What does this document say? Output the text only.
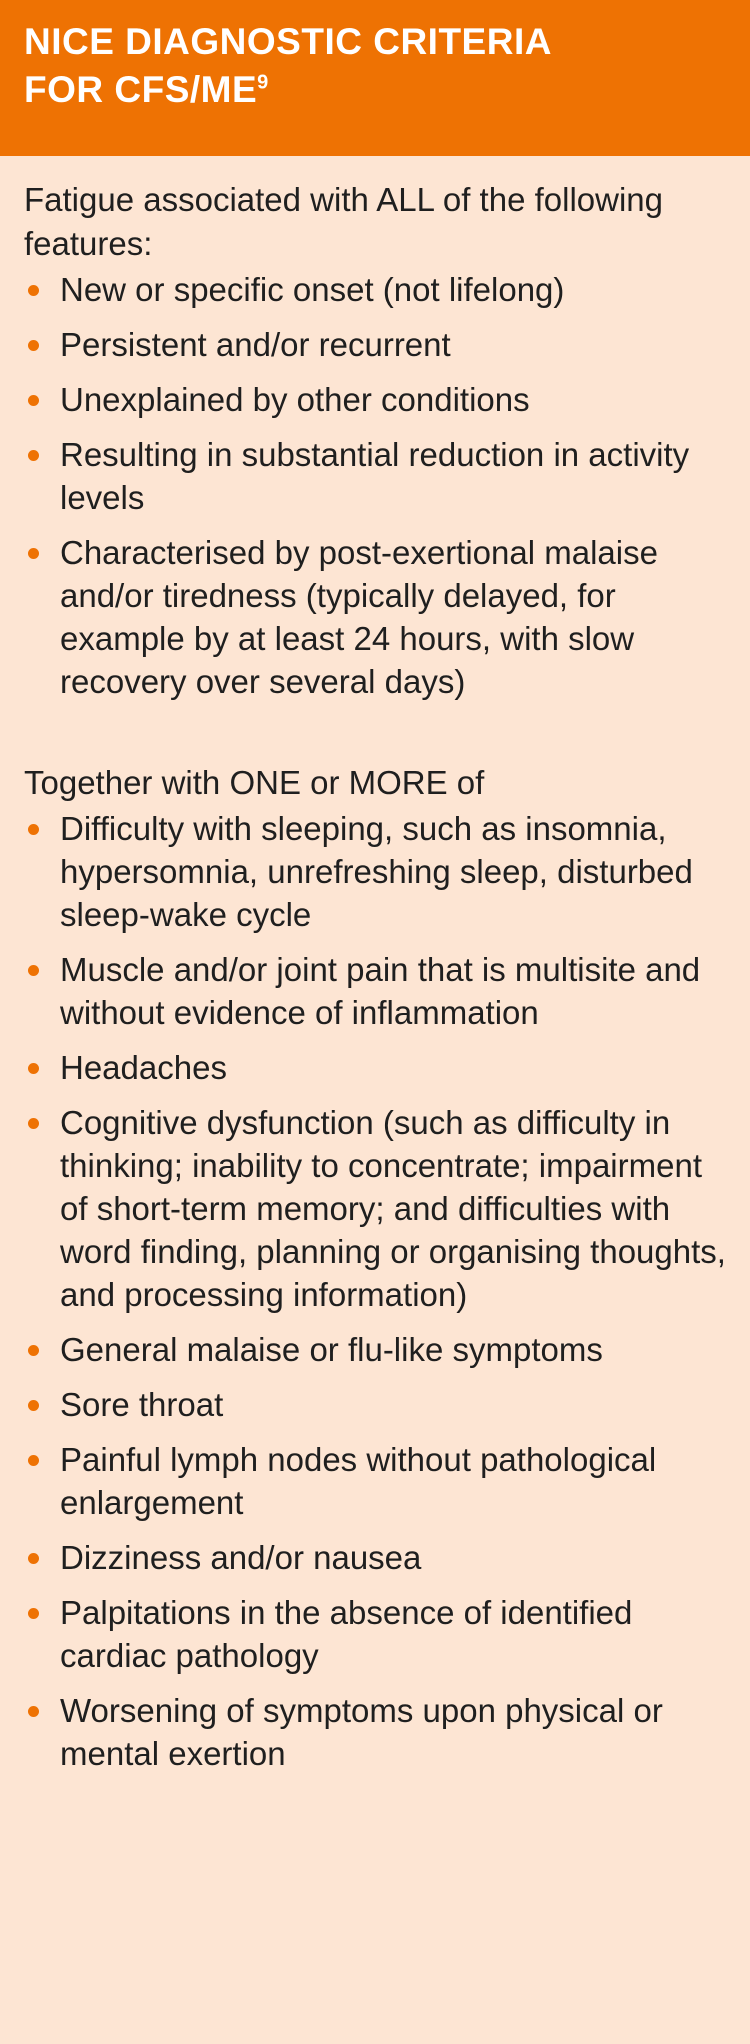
NICE DIAGNOSTIC CRITERIA
FOR CFS/$ME^9$

Fatigue associated with ALL of the following features:

New or specific onset (not lifelong)
Persistent and/or recurrent
Unexplained by other conditions
Resulting in substantial reduction in activity levels
Characterised by post-exertional malaise and/or tiredness (typically delayed, for example by at least 24 hours, with slow recovery over several days)

Together with ONE or MORE of

Difficulty with sleeping, such as insomnia, hypersomnia, unrefreshing sleep, disturbed sleep-wake cycle
Muscle and/or joint pain that is multisite and without evidence of inflammation
Headaches
Cognitive dysfunction (such as difficulty in thinking; inability to concentrate; impairment of short-term memory; and difficulties with word finding, planning or organising thoughts, and processing information)
General malaise or flu-like symptoms
Sore throat
Painful lymph nodes without pathological enlargement
Dizziness and/or nausea
Palpitations in the absence of identified cardiac pathology
Worsening of symptoms upon physical or mental exertion
